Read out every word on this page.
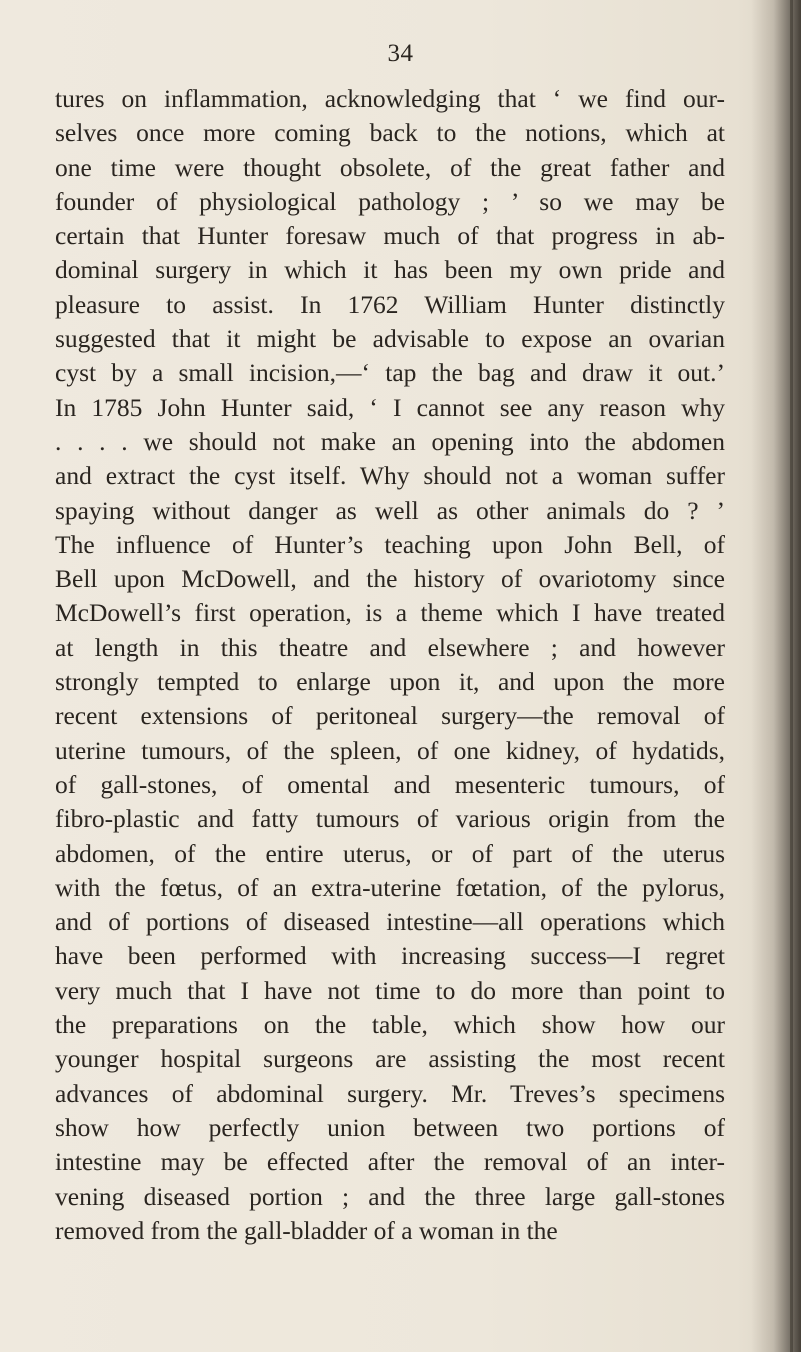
34
tures on inflammation, acknowledging that ‘ we find our-
selves once more coming back to the notions, which at
one time were thought obsolete, of the great father and
founder of physiological pathology ; ’ so we may be
certain that Hunter foresaw much of that progress in ab-
dominal surgery in which it has been my own pride and
pleasure to assist. In 1762 William Hunter distinctly
suggested that it might be advisable to expose an ovarian
cyst by a small incision,—‘ tap the bag and draw it out.’
In 1785 John Hunter said, ‘ I cannot see any reason why
. . . . we should not make an opening into the abdomen
and extract the cyst itself. Why should not a woman suffer
spaying without danger as well as other animals do ? ’
The influence of Hunter’s teaching upon John Bell, of
Bell upon McDowell, and the history of ovariotomy since
McDowell’s first operation, is a theme which I have treated
at length in this theatre and elsewhere ; and however
strongly tempted to enlarge upon it, and upon the more
recent extensions of peritoneal surgery—the removal of
uterine tumours, of the spleen, of one kidney, of hydatids,
of gall-stones, of omental and mesenteric tumours, of
fibro-plastic and fatty tumours of various origin from the
abdomen, of the entire uterus, or of part of the uterus
with the fœtus, of an extra-uterine fœtation, of the pylorus,
and of portions of diseased intestine—all operations which
have been performed with increasing success—I regret
very much that I have not time to do more than point to
the preparations on the table, which show how our
younger hospital surgeons are assisting the most recent
advances of abdominal surgery. Mr. Treves’s specimens
show how perfectly union between two portions of
intestine may be effected after the removal of an inter-
vening diseased portion ; and the three large gall-stones
removed from the gall-bladder of a woman in the
